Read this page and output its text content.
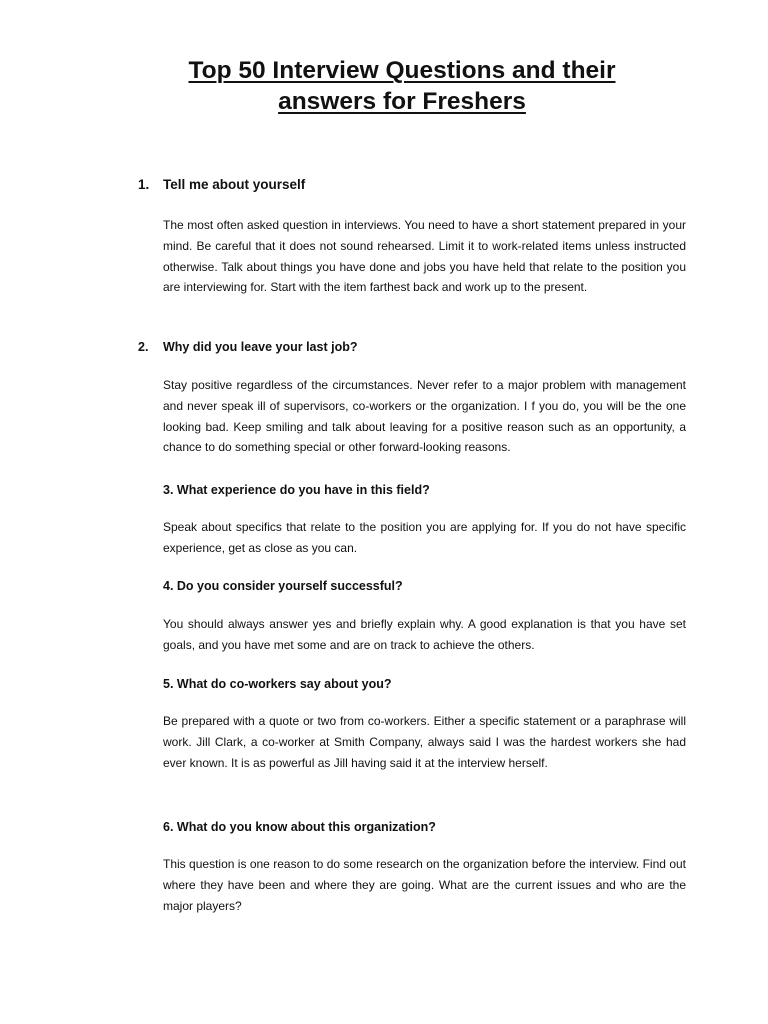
Top 50 Interview Questions and their
answers for Freshers

1. Tell me about yourself

The most often asked question in interviews. You need to have a short statement prepared in your mind. Be careful that it does not sound rehearsed. Limit it to work-related items unless instructed otherwise. Talk about things you have done and jobs you have held that relate to the position you are interviewing for. Start with the item farthest back and work up to the present.

2. Why did you leave your last job?

Stay positive regardless of the circumstances. Never refer to a major problem with management and never speak ill of supervisors, co-workers or the organization. I f you do, you will be the one looking bad. Keep smiling and talk about leaving for a positive reason such as an opportunity, a chance to do something special or other forward-looking reasons.

3. What experience do you have in this field?

Speak about specifics that relate to the position you are applying for. If you do not have specific experience, get as close as you can.

4. Do you consider yourself successful?

You should always answer yes and briefly explain why. A good explanation is that you have set goals, and you have met some and are on track to achieve the others.

5. What do co-workers say about you?

Be prepared with a quote or two from co-workers. Either a specific statement or a paraphrase will work. Jill Clark, a co-worker at Smith Company, always said I was the hardest workers she had ever known. It is as powerful as Jill having said it at the interview herself.

6. What do you know about this organization?

This question is one reason to do some research on the organization before the interview. Find out where they have been and where they are going. What are the current issues and who are the major players?
